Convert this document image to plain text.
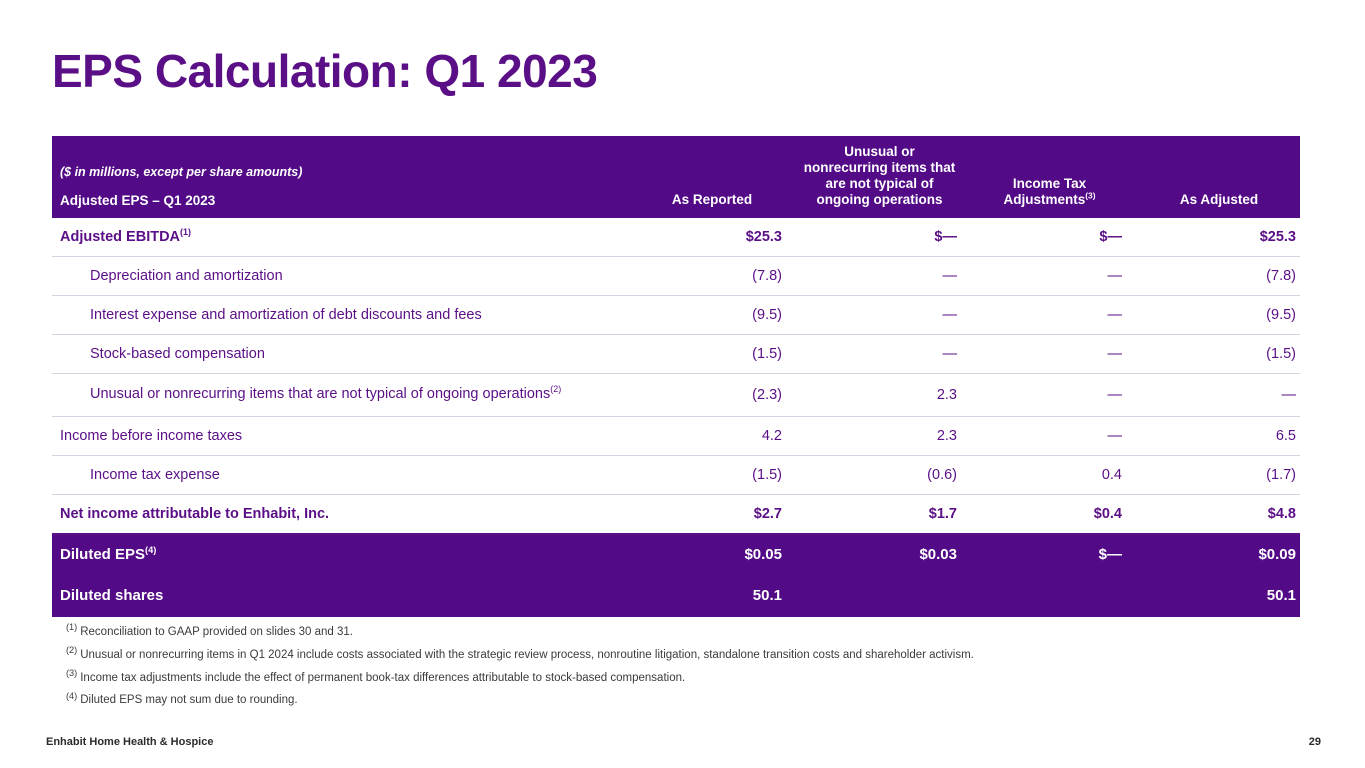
EPS Calculation: Q1 2023
($ in millions, except per share amounts)
Adjusted EPS – Q1 2023	As Reported	Unusual or nonrecurring items that are not typical of ongoing operations	Income Tax Adjustments$^{(3)}$	As Adjusted
Adjusted EBITDA$^{(1)}$	$25.3	$—	$—	$25.3
Depreciation and amortization	(7.8)	—	—	(7.8)
Interest expense and amortization of debt discounts and fees	(9.5)	—	—	(9.5)
Stock-based compensation	(1.5)	—	—	(1.5)
Unusual or nonrecurring items that are not typical of ongoing operations$^{(2)}$	(2.3)	2.3	—	—
Income before income taxes	4.2	2.3	—	6.5
Income tax expense	(1.5)	(0.6)	0.4	(1.7)
Net income attributable to Enhabit, Inc.	$2.7	$1.7	$0.4	$4.8
Diluted EPS$^{(4)}$	$0.05	$0.03	$—	$0.09
Diluted shares	50.1			50.1
$^{(1)}$ Reconciliation to GAAP provided on slides 30 and 31.
$^{(2)}$ Unusual or nonrecurring items in Q1 2024 include costs associated with the strategic review process, nonroutine litigation, standalone transition costs and shareholder activism.
$^{(3)}$ Income tax adjustments include the effect of permanent book-tax differences attributable to stock-based compensation.
$^{(4)}$ Diluted EPS may not sum due to rounding.
Enhabit Home Health & Hospice	29
